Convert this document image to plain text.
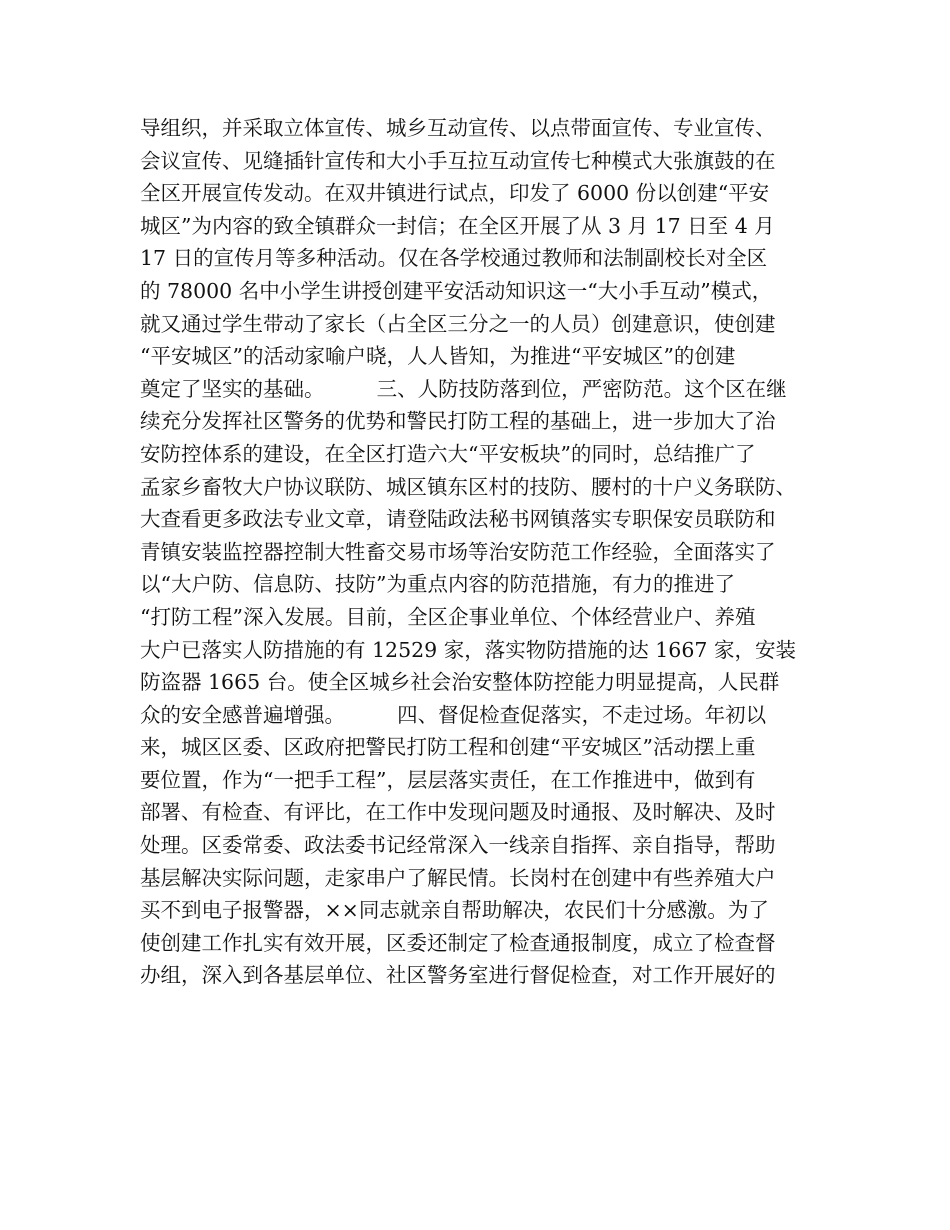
导组织，并采取立体宣传、城乡互动宣传、以点带面宣传、专业宣传、
会议宣传、见缝插针宣传和大小手互拉互动宣传七种模式大张旗鼓的在
全区开展宣传发动。在双井镇进行试点，印发了 6000 份以创建“平安
城区”为内容的致全镇群众一封信；在全区开展了从 3 月 17 日至 4 月
17 日的宣传月等多种活动。仅在各学校通过教师和法制副校长对全区
的 78000 名中小学生讲授创建平安活动知识这一“大小手互动”模式，
就又通过学生带动了家长（占全区三分之一的人员）创建意识，使创建
“平安城区”的活动家喻户晓，人人皆知，为推进“平安城区”的创建
奠定了坚实的基础。        三、人防技防落到位，严密防范。这个区在继
续充分发挥社区警务的优势和警民打防工程的基础上，进一步加大了治
安防控体系的建设，在全区打造六大“平安板块”的同时，总结推广了
孟家乡畜牧大户协议联防、城区镇东区村的技防、腰村的十户义务联防、
大查看更多政法专业文章，请登陆政法秘书网镇落实专职保安员联防和
青镇安装监控器控制大牲畜交易市场等治安防范工作经验，全面落实了
以“大户防、信息防、技防”为重点内容的防范措施，有力的推进了
“打防工程”深入发展。目前，全区企事业单位、个体经营业户、养殖
大户已落实人防措施的有 12529 家，落实物防措施的达 1667 家，安装
防盗器 1665 台。使全区城乡社会治安整体防控能力明显提高，人民群
众的安全感普遍增强。        四、督促检查促落实，不走过场。年初以
来，城区区委、区政府把警民打防工程和创建“平安城区”活动摆上重
要位置，作为“一把手工程”，层层落实责任，在工作推进中，做到有
部署、有检查、有评比，在工作中发现问题及时通报、及时解决、及时
处理。区委常委、政法委书记经常深入一线亲自指挥、亲自指导，帮助
基层解决实际问题，走家串户了解民情。长岗村在创建中有些养殖大户
买不到电子报警器，××同志就亲自帮助解决，农民们十分感激。为了
使创建工作扎实有效开展，区委还制定了检查通报制度，成立了检查督
办组，深入到各基层单位、社区警务室进行督促检查，对工作开展好的
